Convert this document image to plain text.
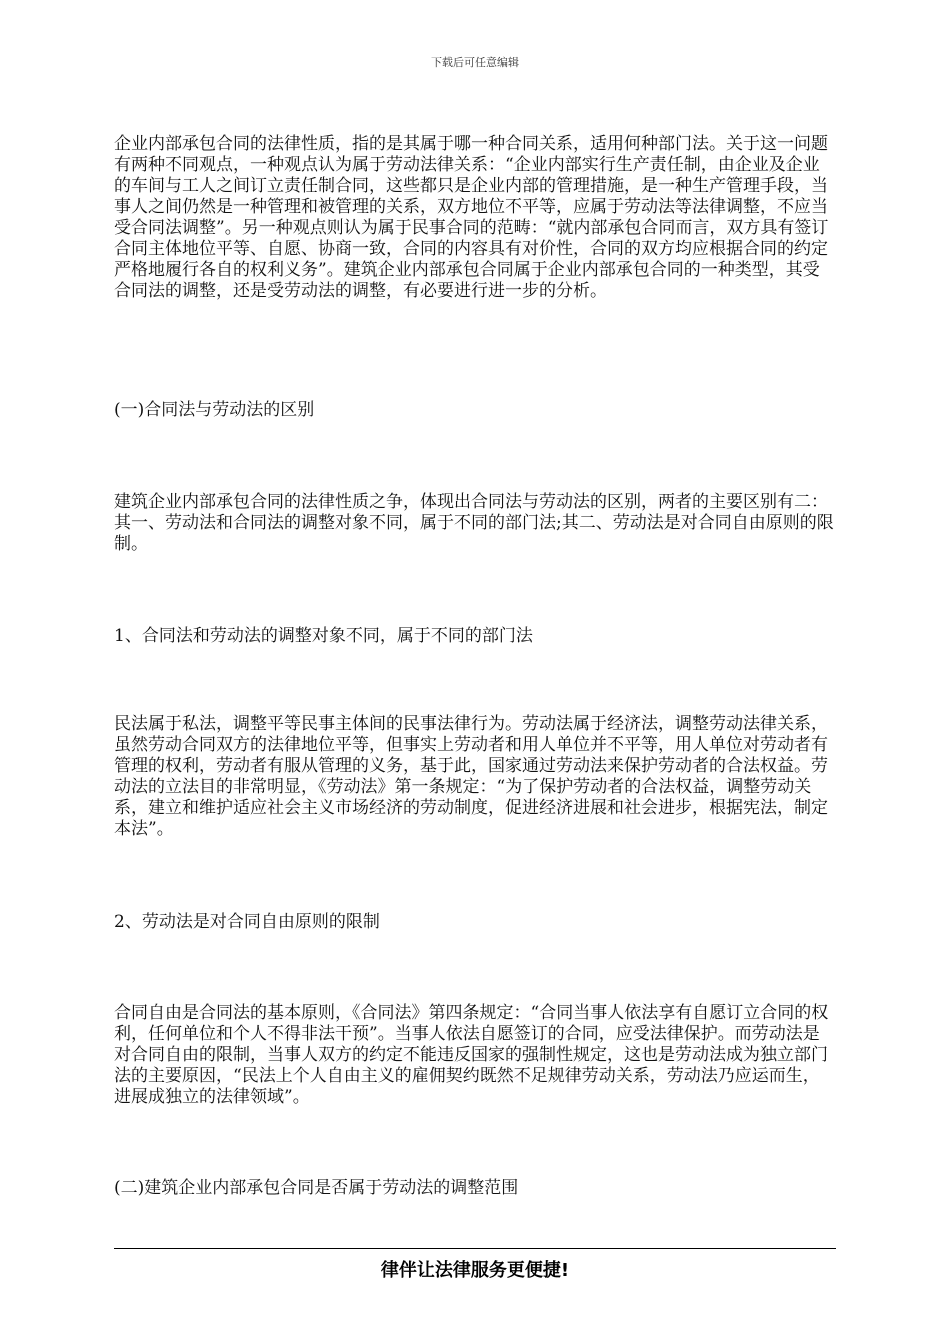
下载后可任意编辑
企业内部承包合同的法律性质，指的是其属于哪一种合同关系，适用何种部门法。关于这一问题有两种不同观点，一种观点认为属于劳动法律关系：“企业内部实行生产责任制，由企业及企业的车间与工人之间订立责任制合同，这些都只是企业内部的管理措施，是一种生产管理手段，当事人之间仍然是一种管理和被管理的关系，双方地位不平等，应属于劳动法等法律调整，不应当受合同法调整”。另一种观点则认为属于民事合同的范畴：“就内部承包合同而言，双方具有签订合同主体地位平等、自愿、协商一致，合同的内容具有对价性，合同的双方均应根据合同的约定严格地履行各自的权利义务”。建筑企业内部承包合同属于企业内部承包合同的一种类型，其受合同法的调整，还是受劳动法的调整，有必要进行进一步的分析。
(一)合同法与劳动法的区别
建筑企业内部承包合同的法律性质之争，体现出合同法与劳动法的区别，两者的主要区别有二：其一、劳动法和合同法的调整对象不同，属于不同的部门法;其二、劳动法是对合同自由原则的限制。
1、合同法和劳动法的调整对象不同，属于不同的部门法
民法属于私法，调整平等民事主体间的民事法律行为。劳动法属于经济法，调整劳动法律关系，虽然劳动合同双方的法律地位平等，但事实上劳动者和用人单位并不平等，用人单位对劳动者有管理的权利，劳动者有服从管理的义务，基于此，国家通过劳动法来保护劳动者的合法权益。劳动法的立法目的非常明显，《劳动法》第一条规定：“为了保护劳动者的合法权益，调整劳动关系，建立和维护适应社会主义市场经济的劳动制度，促进经济进展和社会进步，根据宪法，制定本法”。
2、劳动法是对合同自由原则的限制
合同自由是合同法的基本原则，《合同法》第四条规定：“合同当事人依法享有自愿订立合同的权利，任何单位和个人不得非法干预”。当事人依法自愿签订的合同，应受法律保护。而劳动法是对合同自由的限制，当事人双方的约定不能违反国家的强制性规定，这也是劳动法成为独立部门法的主要原因，“民法上个人自由主义的雇佣契约既然不足规律劳动关系，劳动法乃应运而生，进展成独立的法律领域”。
(二)建筑企业内部承包合同是否属于劳动法的调整范围
律伴让法律服务更便捷!
